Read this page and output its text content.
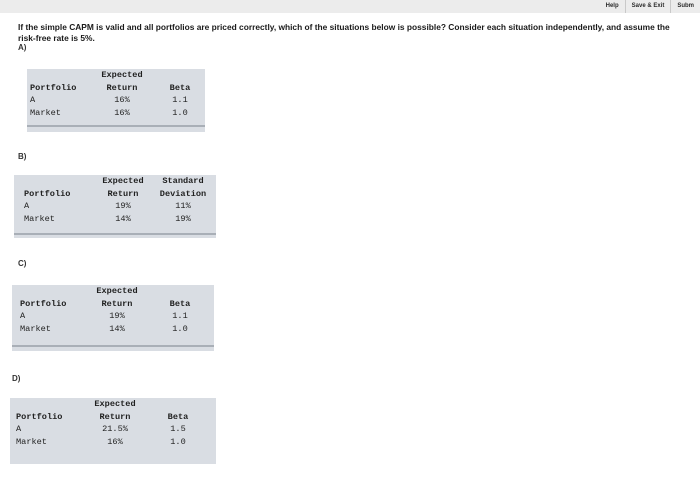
Help	Save & Exit	Subm
If the simple CAPM is valid and all portfolios are priced correctly, which of the situations below is possible? Consider each situation independently, and assume the risk-free rate is 5%.
A)
Expected
Portfolio	Return	Beta
A	16%	1.1
Market	16%	1.0
B)
Expected	Standard
Portfolio	Return	Deviation
A	19%	11%
Market	14%	19%
C)
Expected
Portfolio	Return	Beta
A	19%	1.1
Market	14%	1.0
D)
Expected
Portfolio	Return	Beta
A	21.5%	1.5
Market	16%	1.0
